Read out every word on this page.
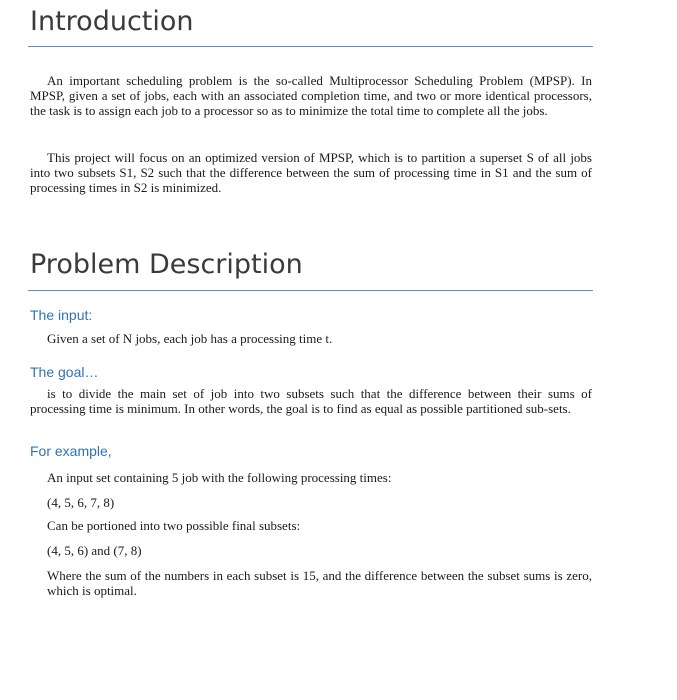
Introduction

An important scheduling problem is the so-called Multiprocessor Scheduling Problem (MPSP). In MPSP, given a set of jobs, each with an associated completion time, and two or more identical processors, the task is to assign each job to a processor so as to minimize the total time to complete all the jobs.

This project will focus on an optimized version of MPSP, which is to partition a superset S of all jobs into two subsets S1, S2 such that the difference between the sum of processing time in S1 and the sum of processing times in S2 is minimized.

Problem Description

The input:

Given a set of N jobs, each job has a processing time t.

The goal…

is to divide the main set of job into two subsets such that the difference between their sums of processing time is minimum. In other words, the goal is to find as equal as possible partitioned sub-sets.

For example,

An input set containing 5 job with the following processing times:

(4, 5, 6, 7, 8)

Can be portioned into two possible final subsets:

(4, 5, 6) and (7, 8)

Where the sum of the numbers in each subset is 15, and the difference between the subset sums is zero, which is optimal.
